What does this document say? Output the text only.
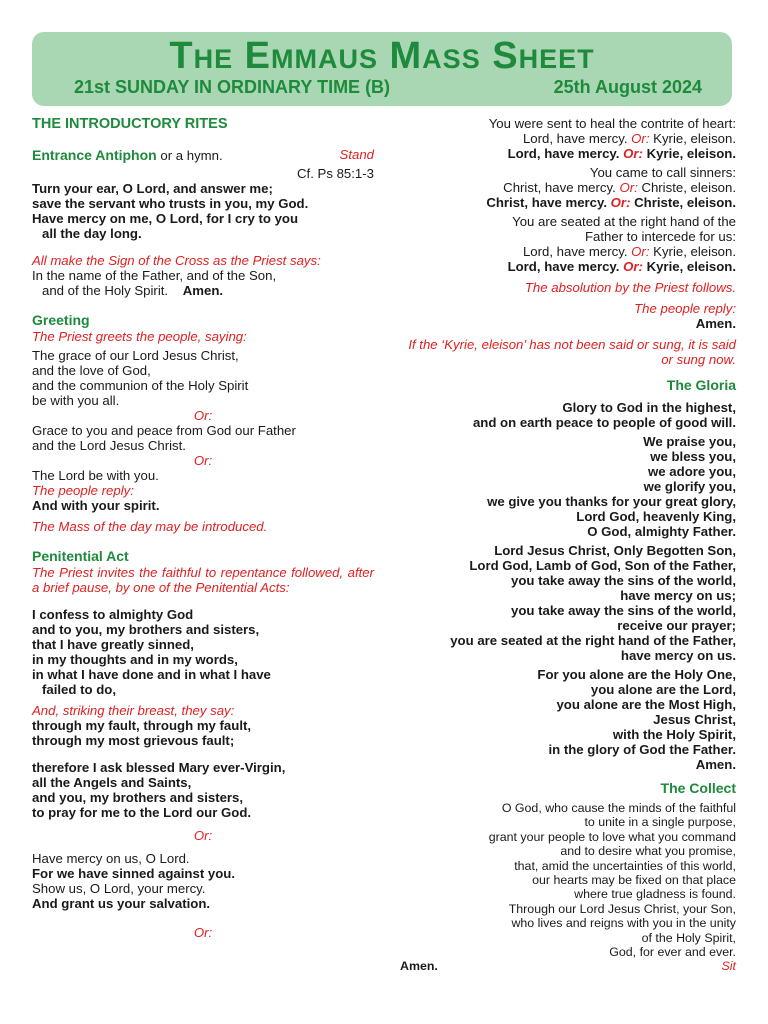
The Emmaus Mass Sheet
21st SUNDAY IN ORDINARY TIME (B)	25th August 2024
THE INTRODUCTORY RITES
Entrance Antiphon or a hymn.	Stand
Cf. Ps 85:1-3
Turn your ear, O Lord, and answer me;
save the servant who trusts in you, my God.
Have mercy on me, O Lord, for I cry to you
all the day long.
All make the Sign of the Cross as the Priest says:
In the name of the Father, and of the Son,
and of the Holy Spirit. Amen.
Greeting
The Priest greets the people, saying:
The grace of our Lord Jesus Christ,
and the love of God,
and the communion of the Holy Spirit
be with you all.
Or:
Grace to you and peace from God our Father
and the Lord Jesus Christ.
Or:
The Lord be with you.
The people reply:
And with your spirit.
The Mass of the day may be introduced.
Penitential Act
The Priest invites the faithful to repentance followed, after a brief pause, by one of the Penitential Acts:
I confess to almighty God
and to you, my brothers and sisters,
that I have greatly sinned,
in my thoughts and in my words,
in what I have done and in what I have
failed to do,
And, striking their breast, they say:
through my fault, through my fault,
through my most grievous fault;
therefore I ask blessed Mary ever-Virgin,
all the Angels and Saints,
and you, my brothers and sisters,
to pray for me to the Lord our God.
Or:
Have mercy on us, O Lord.
For we have sinned against you.
Show us, O Lord, your mercy.
And grant us your salvation.
Or:
You were sent to heal the contrite of heart:
Lord, have mercy. Or: Kyrie, eleison.
Lord, have mercy. Or: Kyrie, eleison.
You came to call sinners:
Christ, have mercy. Or: Christe, eleison.
Christ, have mercy. Or: Christe, eleison.
You are seated at the right hand of the
Father to intercede for us:
Lord, have mercy. Or: Kyrie, eleison.
Lord, have mercy. Or: Kyrie, eleison.
The absolution by the Priest follows.
The people reply:
Amen.
If the ‘Kyrie, eleison’ has not been said or sung, it is said or sung now.
The Gloria
Glory to God in the highest,
and on earth peace to people of good will.
We praise you,
we bless you,
we adore you,
we glorify you,
we give you thanks for your great glory,
Lord God, heavenly King,
O God, almighty Father.
Lord Jesus Christ, Only Begotten Son,
Lord God, Lamb of God, Son of the Father,
you take away the sins of the world,
have mercy on us;
you take away the sins of the world,
receive our prayer;
you are seated at the right hand of the Father,
have mercy on us.
For you alone are the Holy One,
you alone are the Lord,
you alone are the Most High,
Jesus Christ,
with the Holy Spirit,
in the glory of God the Father.
Amen.
The Collect
O God, who cause the minds of the faithful
to unite in a single purpose,
grant your people to love what you command
and to desire what you promise,
that, amid the uncertainties of this world,
our hearts may be fixed on that place
where true gladness is found.
Through our Lord Jesus Christ, your Son,
who lives and reigns with you in the unity
of the Holy Spirit,
God, for ever and ever.
Amen.	Sit
